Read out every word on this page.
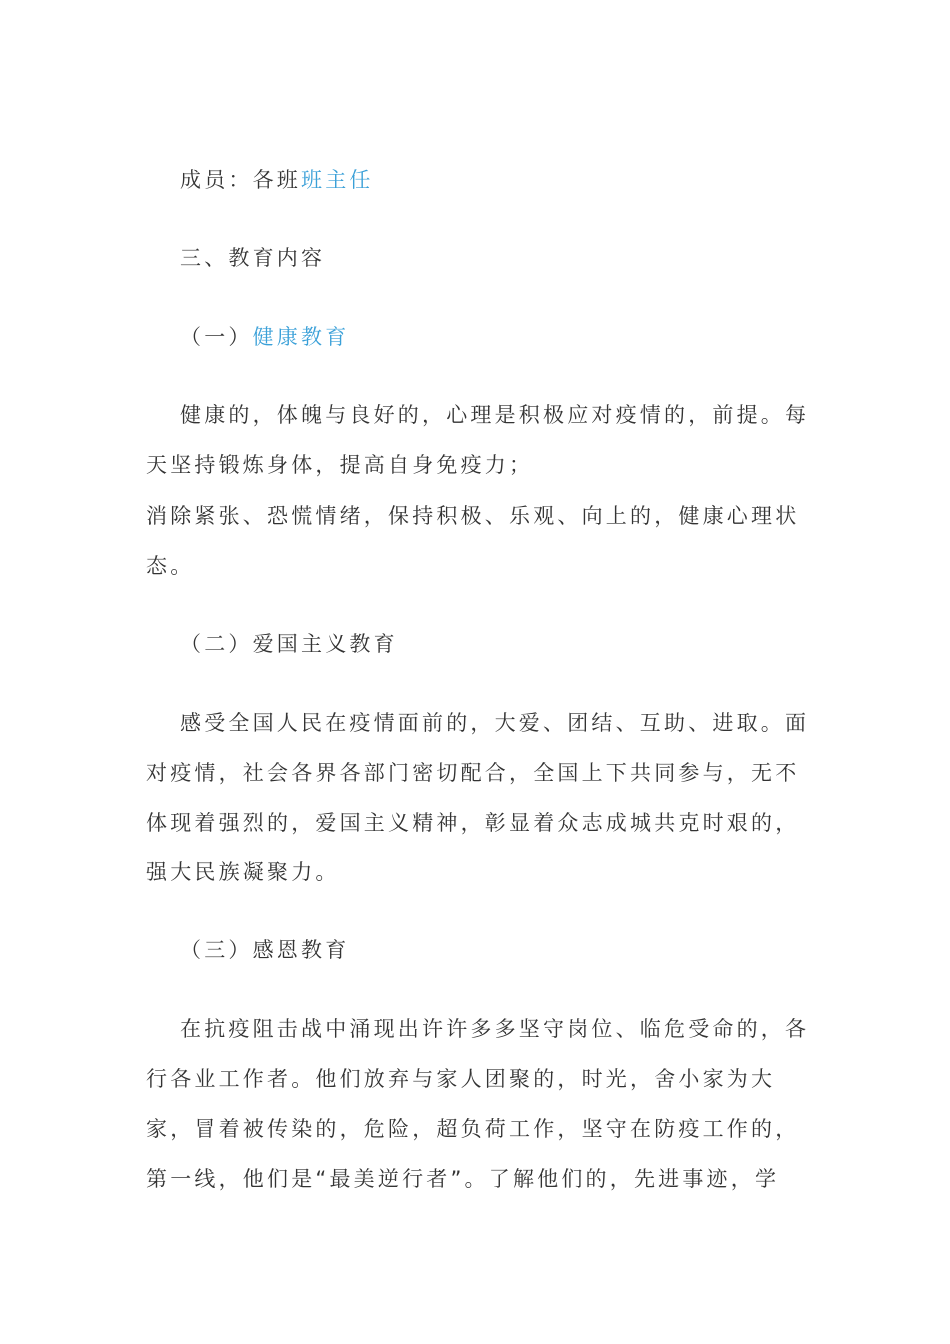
成员：各班班主任
三、教育内容
（一）健康教育
健康的，体魄与良好的，心理是积极应对疫情的，前提。每
天坚持锻炼身体，提高自身免疫力；
消除紧张、恐慌情绪，保持积极、乐观、向上的，健康心理状
态。
（二）爱国主义教育
感受全国人民在疫情面前的，大爱、团结、互助、进取。面
对疫情，社会各界各部门密切配合，全国上下共同参与，无不
体现着强烈的，爱国主义精神，彰显着众志成城共克时艰的，
强大民族凝聚力。
（三）感恩教育
在抗疫阻击战中涌现出许许多多坚守岗位、临危受命的，各
行各业工作者。他们放弃与家人团聚的，时光，舍小家为大
家，冒着被传染的，危险，超负荷工作，坚守在防疫工作的，
第一线，他们是“最美逆行者”。了解他们的，先进事迹，学
